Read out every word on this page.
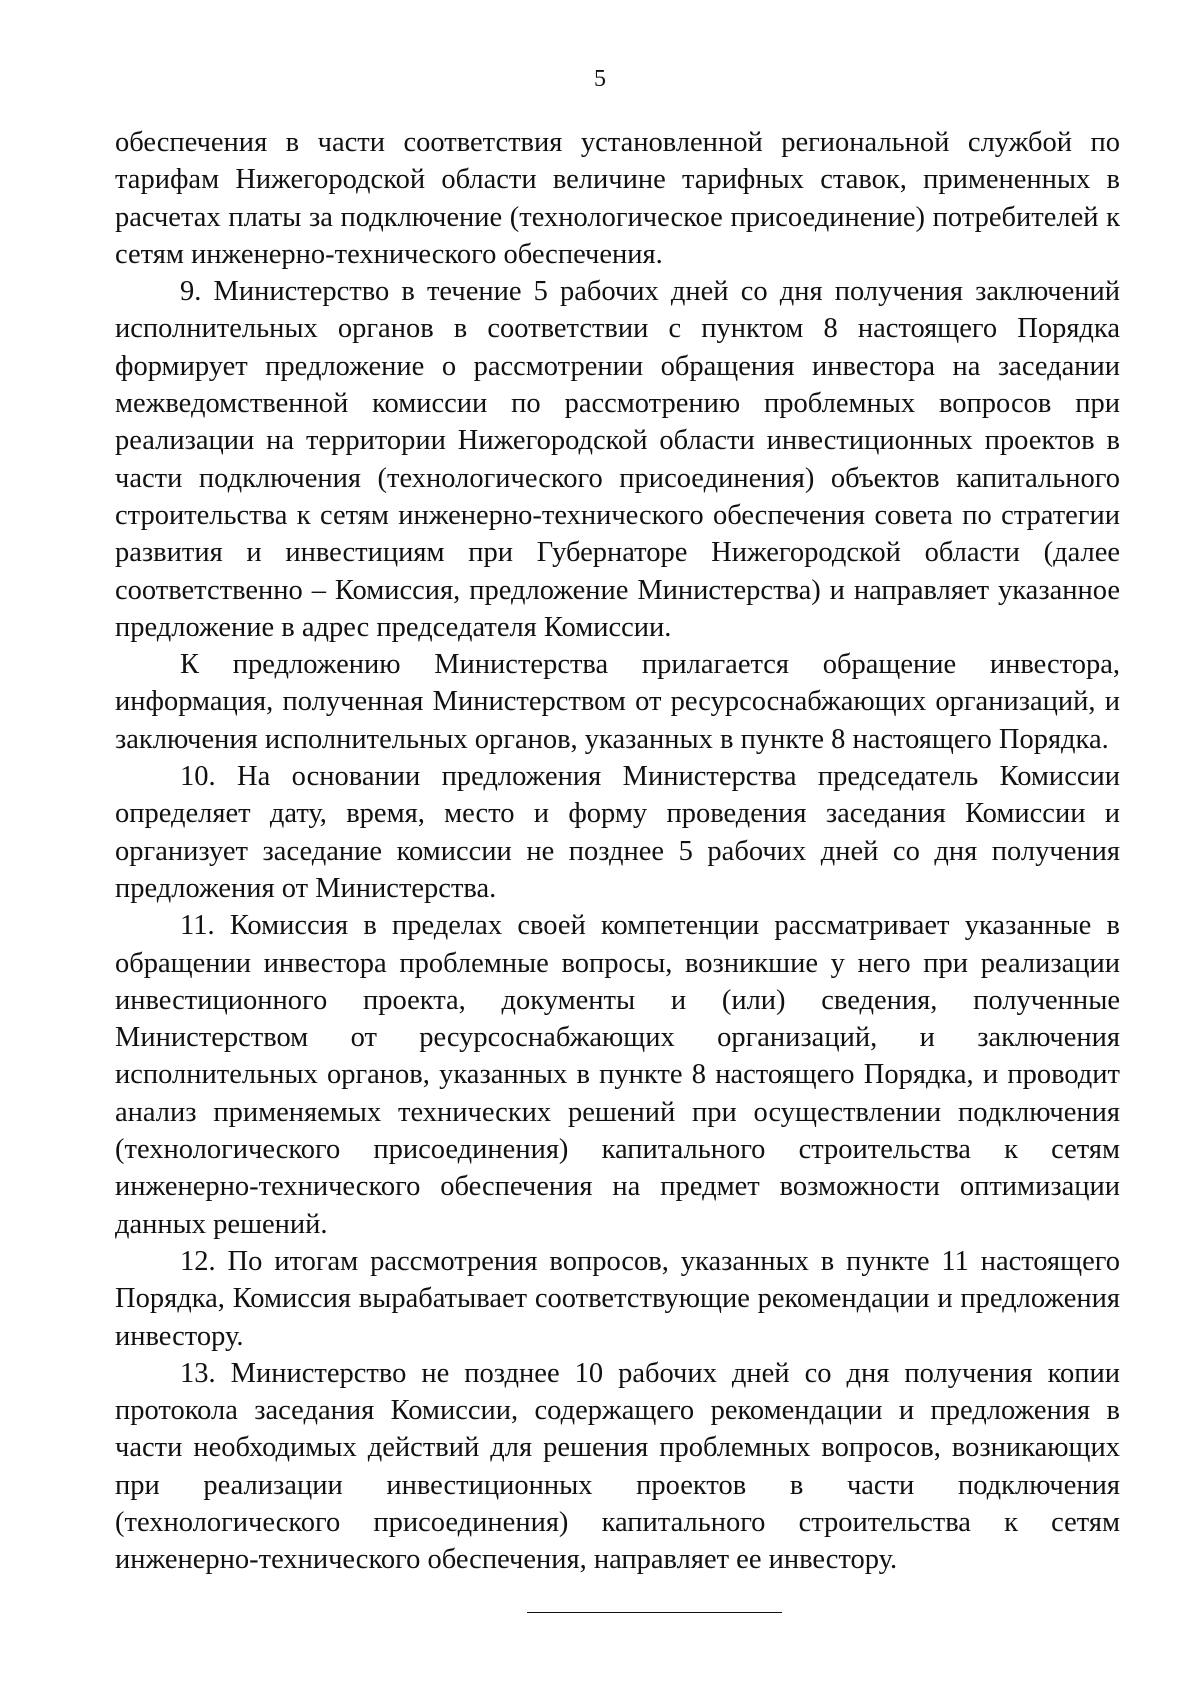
5

обеспечения в части соответствия установленной региональной службой по тарифам Нижегородской области величине тарифных ставок, примененных в расчетах платы за подключение (технологическое присоединение) потребителей к сетям инженерно-технического обеспечения.

9. Министерство в течение 5 рабочих дней со дня получения заключений исполнительных органов в соответствии с пунктом 8 настоящего Порядка формирует предложение о рассмотрении обращения инвестора на заседании межведомственной комиссии по рассмотрению проблемных вопросов при реализации на территории Нижегородской области инвестиционных проектов в части подключения (технологического присоединения) объектов капитального строительства к сетям инженерно-технического обеспечения совета по стратегии развития и инвестициям при Губернаторе Нижегородской области (далее соответственно – Комиссия, предложение Министерства) и направляет указанное предложение в адрес председателя Комиссии.

К предложению Министерства прилагается обращение инвестора, информация, полученная Министерством от ресурсоснабжающих организаций, и заключения исполнительных органов, указанных в пункте 8 настоящего Порядка.

10. На основании предложения Министерства председатель Комиссии определяет дату, время, место и форму проведения заседания Комиссии и организует заседание комиссии не позднее 5 рабочих дней со дня получения предложения от Министерства.

11. Комиссия в пределах своей компетенции рассматривает указанные в обращении инвестора проблемные вопросы, возникшие у него при реализации инвестиционного проекта, документы и (или) сведения, полученные Министерством от ресурсоснабжающих организаций, и заключения исполнительных органов, указанных в пункте 8 настоящего Порядка, и проводит анализ применяемых технических решений при осуществлении подключения (технологического присоединения) капитального строительства к сетям инженерно-технического обеспечения на предмет возможности оптимизации данных решений.

12. По итогам рассмотрения вопросов, указанных в пункте 11 настоящего Порядка, Комиссия вырабатывает соответствующие рекомендации и предложения инвестору.

13. Министерство не позднее 10 рабочих дней со дня получения копии протокола заседания Комиссии, содержащего рекомендации и предложения в части необходимых действий для решения проблемных вопросов, возникающих при реализации инвестиционных проектов в части подключения (технологического присоединения) капитального строительства к сетям инженерно-технического обеспечения, направляет ее инвестору.
